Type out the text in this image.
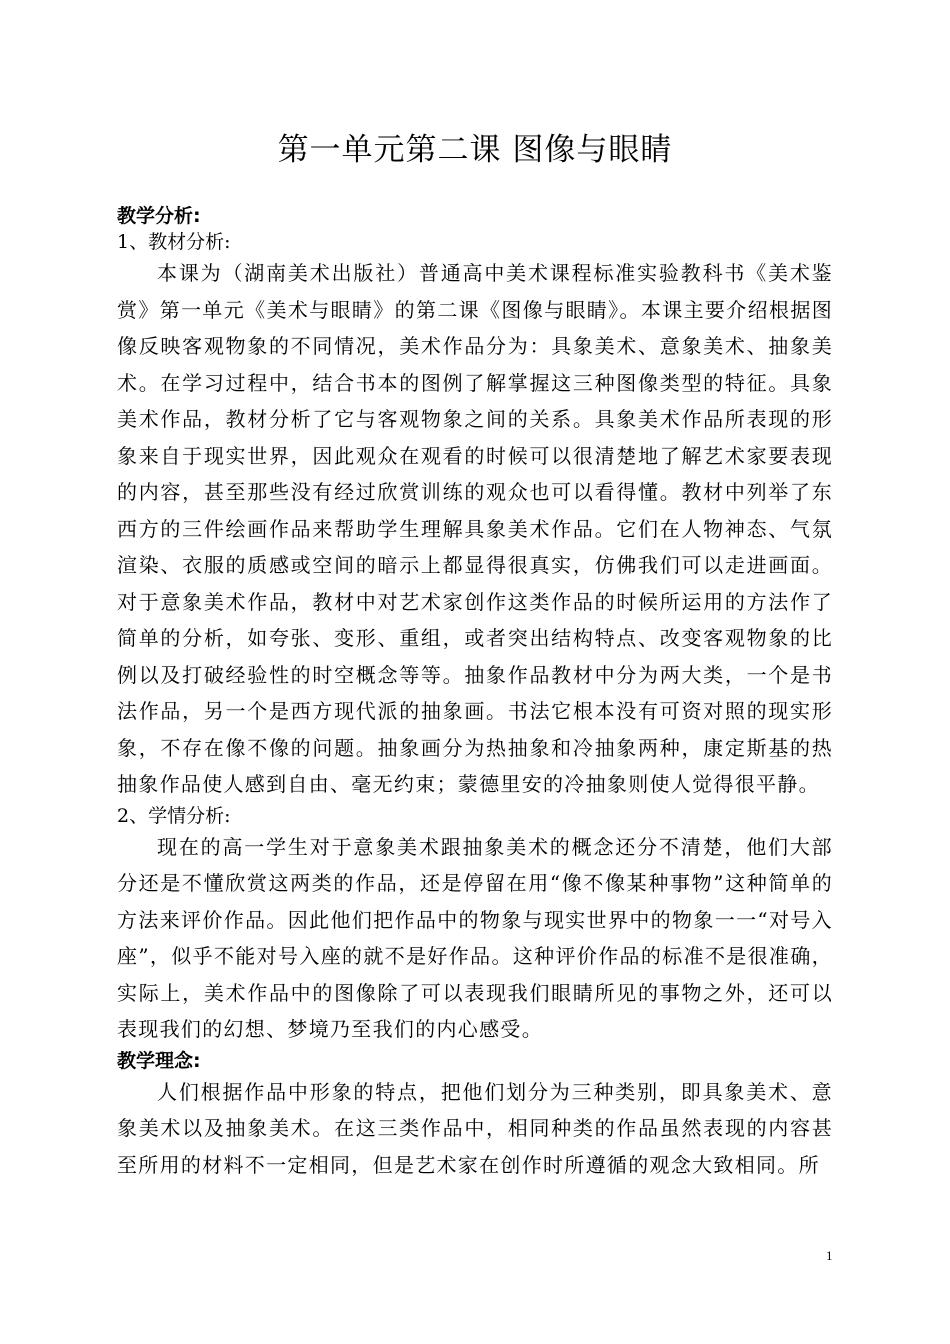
第一单元第二课 图像与眼睛

教学分析:

1、教材分析:

本课为（湖南美术出版社）普通高中美术课程标准实验教科书《美术鉴赏》第一单元《美术与眼睛》的第二课《图像与眼睛》。本课主要介绍根据图像反映客观物象的不同情况，美术作品分为：具象美术、意象美术、抽象美术。在学习过程中，结合书本的图例了解掌握这三种图像类型的特征。具象美术作品，教材分析了它与客观物象之间的关系。具象美术作品所表现的形象来自于现实世界，因此观众在观看的时候可以很清楚地了解艺术家要表现的内容，甚至那些没有经过欣赏训练的观众也可以看得懂。教材中列举了东西方的三件绘画作品来帮助学生理解具象美术作品。它们在人物神态、气氛渲染、衣服的质感或空间的暗示上都显得很真实，仿佛我们可以走进画面。对于意象美术作品，教材中对艺术家创作这类作品的时候所运用的方法作了简单的分析，如夸张、变形、重组，或者突出结构特点、改变客观物象的比例以及打破经验性的时空概念等等。抽象作品教材中分为两大类，一个是书法作品，另一个是西方现代派的抽象画。书法它根本没有可资对照的现实形象，不存在像不像的问题。抽象画分为热抽象和冷抽象两种，康定斯基的热抽象作品使人感到自由、毫无约束；蒙德里安的冷抽象则使人觉得很平静。

2、学情分析:

现在的高一学生对于意象美术跟抽象美术的概念还分不清楚，他们大部分还是不懂欣赏这两类的作品，还是停留在用“像不像某种事物”这种简单的方法来评价作品。因此他们把作品中的物象与现实世界中的物象一一“对号入座”，似乎不能对号入座的就不是好作品。这种评价作品的标准不是很准确，实际上，美术作品中的图像除了可以表现我们眼睛所见的事物之外，还可以表现我们的幻想、梦境乃至我们的内心感受。

教学理念:

人们根据作品中形象的特点，把他们划分为三种类别，即具象美术、意象美术以及抽象美术。在这三类作品中，相同种类的作品虽然表现的内容甚至所用的材料不一定相同，但是艺术家在创作时所遵循的观念大致相同。所

1
